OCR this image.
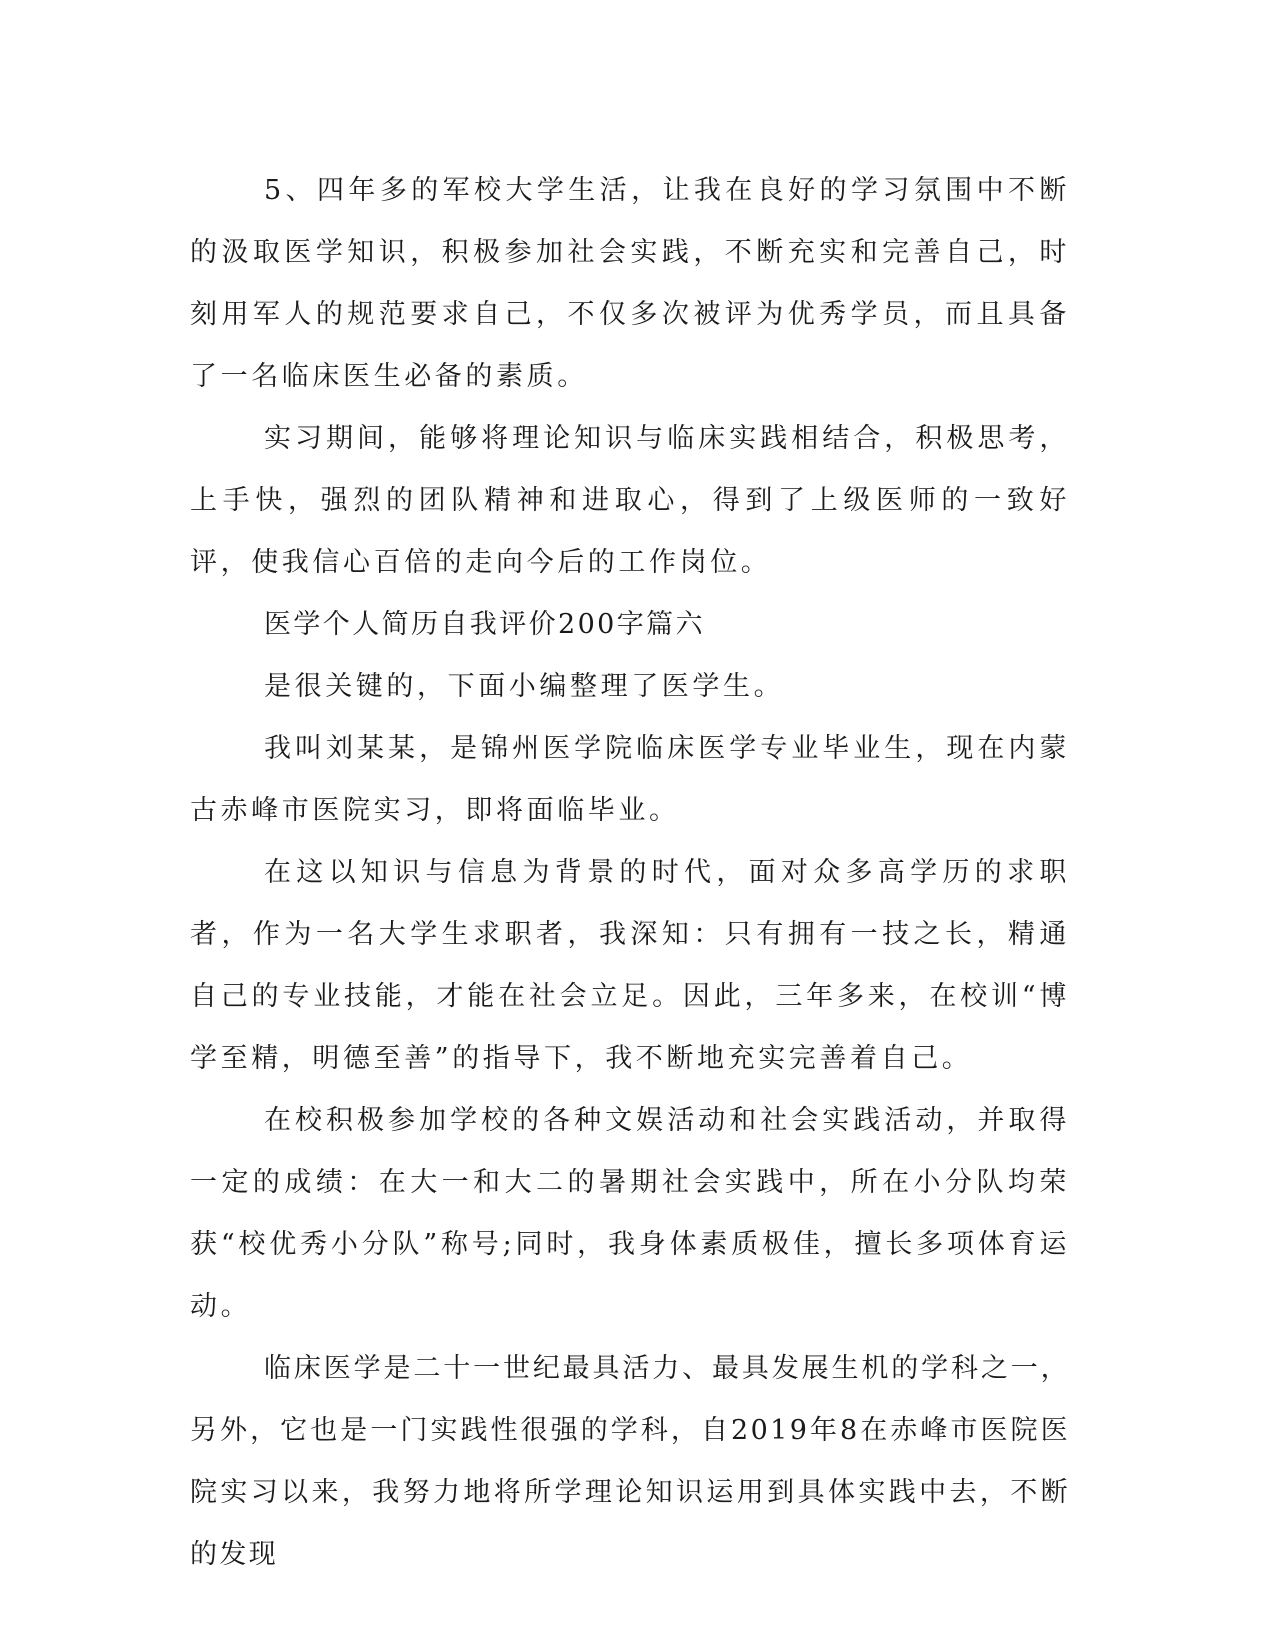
5、四年多的军校大学生活，让我在良好的学习氛围中不断的汲取医学知识，积极参加社会实践，不断充实和完善自己，时刻用军人的规范要求自己，不仅多次被评为优秀学员，而且具备了一名临床医生必备的素质。

实习期间，能够将理论知识与临床实践相结合，积极思考，上手快，强烈的团队精神和进取心，得到了上级医师的一致好评，使我信心百倍的走向今后的工作岗位。

医学个人简历自我评价200字篇六

是很关键的，下面小编整理了医学生。

我叫刘某某，是锦州医学院临床医学专业毕业生，现在内蒙古赤峰市医院实习，即将面临毕业。

在这以知识与信息为背景的时代，面对众多高学历的求职者，作为一名大学生求职者，我深知：只有拥有一技之长，精通自己的专业技能，才能在社会立足。因此，三年多来，在校训“博学至精，明德至善”的指导下，我不断地充实完善着自己。

在校积极参加学校的各种文娱活动和社会实践活动，并取得一定的成绩：在大一和大二的暑期社会实践中，所在小分队均荣获“校优秀小分队”称号;同时，我身体素质极佳，擅长多项体育运动。

临床医学是二十一世纪最具活力、最具发展生机的学科之一，另外，它也是一门实践性很强的学科，自2019年8在赤峰市医院医院实习以来，我努力地将所学理论知识运用到具体实践中去，不断的发现
